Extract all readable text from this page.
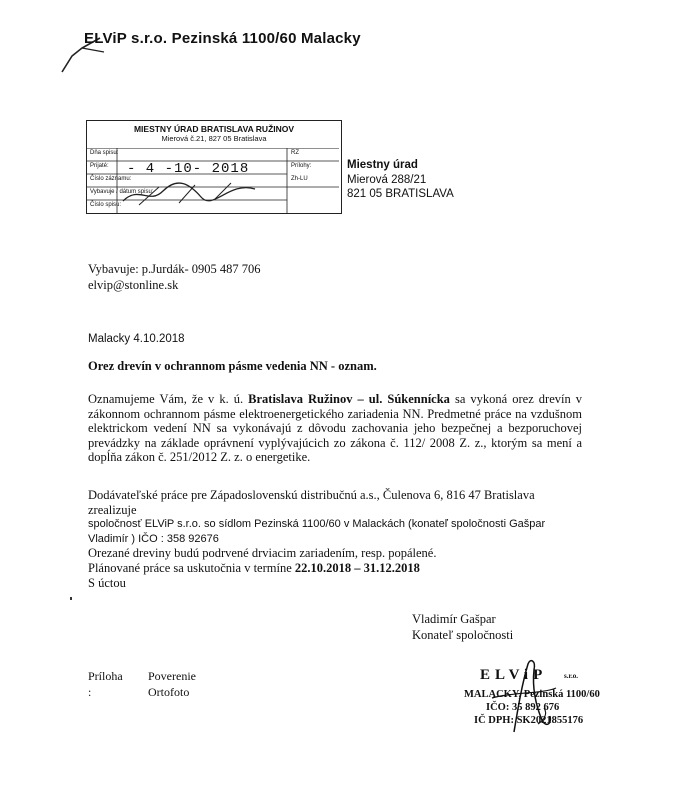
ELViP s.r.o. Pezinská 1100/60 Malacky
MIESTNY ÚRAD BRATISLAVA RUŽINOV
Mierová č.21, 827 05 Bratislava
Dňa spisu:
Prijaté:
Číslo záznamu:
Vybavuje / dátum spisu:
Číslo spisu:
RZ
Zh-LU
Prílohy:
- 4 -10- 2018	Miestny úrad
Mierová 288/21
821 05 BRATISLAVA
Vybavuje: p.Jurdák- 0905 487 706
elvip@stonline.sk
Malacky 4.10.2018
Orez drevín v ochrannom pásme vedenia NN - oznam.
Oznamujeme Vám, že v k. ú. Bratislava Ružinov – ul. Súkennícka sa vykoná orez drevín v zákonnom ochrannom pásme elektroenergetického zariadenia NN. Predmetné práce na vzdušnom elektrickom vedení NN sa vykonávajú z dôvodu zachovania jeho bezpečnej a bezporuchovej prevádzky na základe oprávnení vyplývajúcich zo zákona č. 112/ 2008 Z. z., ktorým sa mení a dopĺňa zákon č. 251/2012 Z. z. o energetike.
Dodávateľské práce pre Západoslovenskú distribučnú a.s., Čulenova 6, 816 47 Bratislava zrealizuje
spoločnosť ELViP s.r.o. so sídlom Pezinská 1100/60 v Malackách (konateľ spoločnosti Gašpar
Vladimír ) IČO : 358 92676
Orezané dreviny budú podrvené drviacim zariadením, resp. popálené.
Plánované práce sa uskutočnia v termíne 22.10.2018 – 31.12.2018
S úctou
Vladimír Gašpar
Konateľ spoločnosti
Príloha :
Poverenie
Ortofoto
ELViP s.r.o.
MALACKY, Pezinská 1100/60
IČO: 35 892 676
IČ DPH: SK2021855176
